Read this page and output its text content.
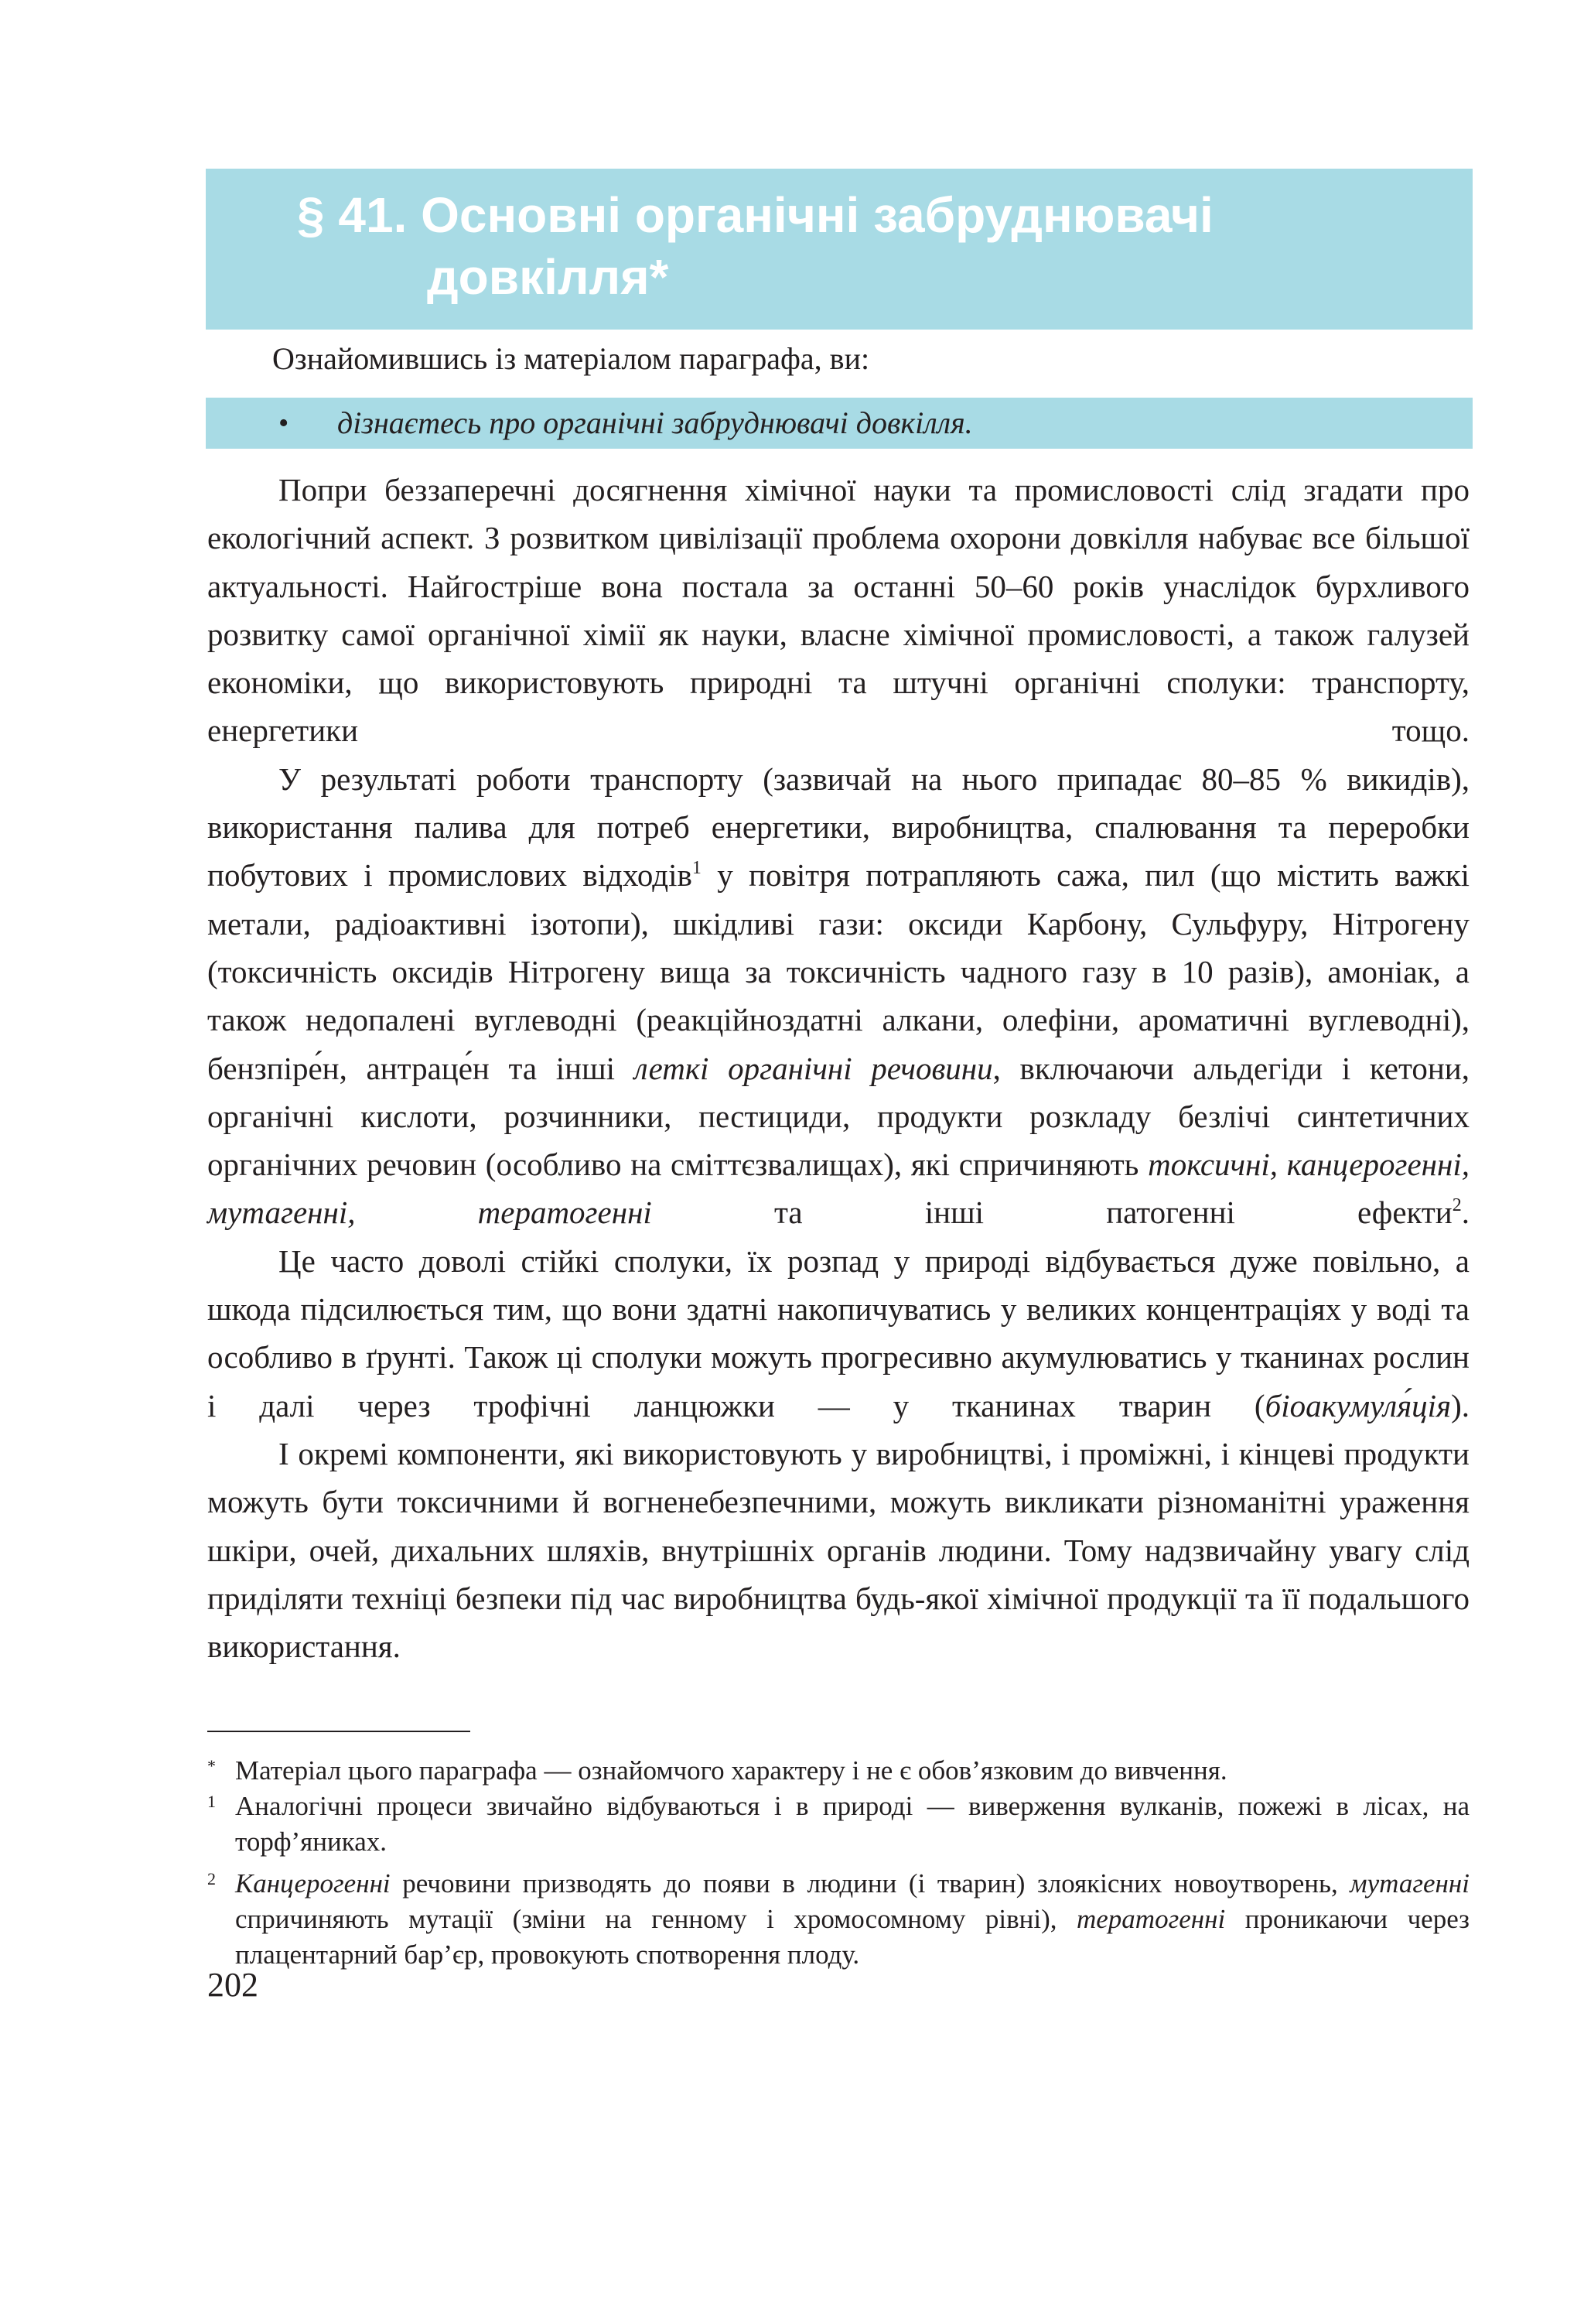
§ 41. Основні органічні забруднювачі
довкілля*
Ознайомившись із матеріалом параграфа, ви:
• дізнаєтесь про органічні забруднювачі довкілля.

Попри беззаперечні досягнення хімічної науки та промисловості слід згадати про екологічний аспект. З розвитком цивілізації проблема охорони довкілля набуває все більшої актуальності. Найгостріше вона постала за останні 50–60 років унаслідок бурхливого розвитку самої органічної хімії як науки, власне хімічної промисловості, а також галузей економіки, що використовують природні та штучні органічні сполуки: транспорту, енергетики тощо.

У результаті роботи транспорту (зазвичай на нього припадає 80–85 % викидів), використання палива для потреб енергетики, виробництва, спалювання та переробки побутових і промислових відходів$^1$ у повітря потрапляють сажа, пил (що містить важкі метали, радіоактивні ізотопи), шкідливі гази: оксиди Карбону, Сульфуру, Нітрогену (токсичність оксидів Нітрогену вища за токсичність чадного газу в 10 разів), амоніак, а також недопалені вуглеводні (реакційноздатні алкани, олефіни, ароматичні вуглеводні), бензпіре́н, антраце́н та інші леткі органічні речовини, включаючи альдегіди і кетони, органічні кислоти, розчинники, пестициди, продукти розкладу безлічі синтетичних органічних речовин (особливо на сміттєзвалищах), які спричиняють токсичні, канцерогенні, мутагенні, тератогенні та інші патогенні ефекти$^2$.

Це часто доволі стійкі сполуки, їх розпад у природі відбувається дуже повільно, а шкода підсилюється тим, що вони здатні накопичуватись у великих концентраціях у воді та особливо в ґрунті. Також ці сполуки можуть прогресивно акумулюватись у тканинах рослин і далі через трофічні ланцюжки — у тканинах тварин (біоакумуля́ція).

І окремі компоненти, які використовують у виробництві, і проміжні, і кінцеві продукти можуть бути токсичними й вогненебезпечними, можуть викликати різноманітні ураження шкіри, очей, дихальних шляхів, внутрішніх органів людини. Тому надзвичайну увагу слід приділяти техніці безпеки під час виробництва будь-якої хімічної продукції та її подальшого використання.

* Матеріал цього параграфа — ознайомчого характеру і не є обов’язковим до вивчення.
1 Аналогічні процеси звичайно відбуваються і в природі — виверження вулканів, пожежі в лісах, на торф’яниках.
2 Канцерогенні речовини призводять до появи в людини (і тварин) злоякісних новоутворень, мутагенні спричиняють мутації (зміни на генному і хромосомному рівні), тератогенні проникаючи через плацентарний бар’єр, провокують спотворення плоду.
202
